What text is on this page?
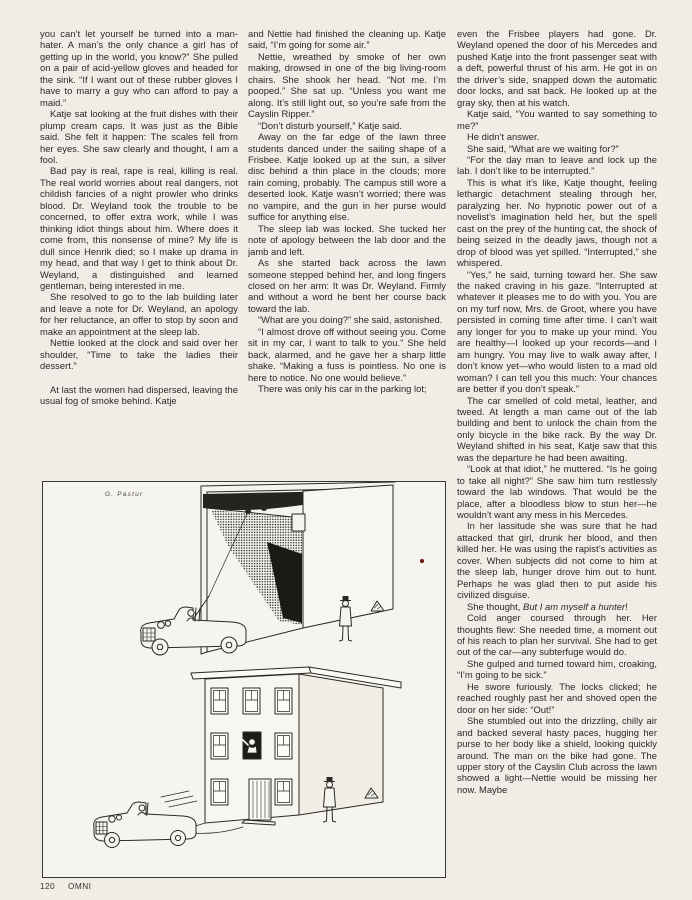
you can’t let yourself be turned into a man-hater. A man’s the only chance a girl has of getting up in the world, you know?” She pulled on a pair of acid-yellow gloves and headed for the sink. “If I want out of these rubber gloves I have to marry a guy who can afford to pay a maid.”

Katje sat looking at the fruit dishes with their plump cream caps. It was just as the Bible said. She felt it happen: The scales fell from her eyes. She saw clearly and thought, I am a fool.

Bad pay is real, rape is real, killing is real. The real world worries about real dangers, not childish fancies of a night prowler who drinks blood. Dr. Weyland took the trouble to be concerned, to offer extra work, while I was thinking idiot things about him. Where does it come from, this nonsense of mine? My life is dull since Henrik died; so I make up drama in my head, and that way I get to think about Dr. Weyland, a distinguished and learned gentleman, being interested in me.

She resolved to go to the lab building later and leave a note for Dr. Weyland, an apology for her reluctance, an offer to stop by soon and make an appointment at the sleep lab.

Nettie looked at the clock and said over her shoulder, “Time to take the ladies their dessert.”

At last the women had dispersed, leaving the usual fog of smoke behind. Katje

and Nettie had finished the cleaning up. Katje said, “I’m going for some air.”

Nettie, wreathed by smoke of her own making, drowsed in one of the big living-room chairs. She shook her head. “Not me. I’m pooped.” She sat up. “Unless you want me along. It’s still light out, so you’re safe from the Cayslin Ripper.”

“Don’t disturb yourself,” Katje said.

Away on the far edge of the lawn three students danced under the sailing shape of a Frisbee. Katje looked up at the sun, a silver disc behind a thin place in the clouds; more rain coming, probably. The campus still wore a deserted look. Katje wasn’t worried; there was no vampire, and the gun in her purse would suffice for anything else.

The sleep lab was locked. She tucked her note of apology between the lab door and the jamb and left.

As she started back across the lawn someone stepped behind her, and long fingers closed on her arm: It was Dr. Weyland. Firmly and without a word he bent her course back toward the lab.

“What are you doing?” she said, astonished.

“I almost drove off without seeing you. Come sit in my car, I want to talk to you.” She held back, alarmed, and he gave her a sharp little shake. “Making a fuss is pointless. No one is here to notice. No one would believe.”

There was only his car in the parking lot;

even the Frisbee players had gone. Dr. Weyland opened the door of his Mercedes and pushed Katje into the front passenger seat with a deft, powerful thrust of his arm. He got in on the driver’s side, snapped down the automatic door locks, and sat back. He looked up at the gray sky, then at his watch.

Katje said, “You wanted to say something to me?”

He didn’t answer.

She said, “What are we waiting for?”

“For the day man to leave and lock up the lab. I don’t like to be interrupted.”

This is what it’s like, Katje thought, feeling lethargic detachment stealing through her, paralyzing her. No hypnotic power out of a novelist’s imagination held her, but the spell cast on the prey of the hunting cat, the shock of being seized in the deadly jaws, though not a drop of blood was yet spilled. “Interrupted,” she whispered.

“Yes,” he said, turning toward her. She saw the naked craving in his gaze. “Interrupted at whatever it pleases me to do with you. You are on my turf now, Mrs. de Groot, where you have persisted in coming time after time. I can’t wait any longer for you to make up your mind. You are healthy—I looked up your records—and I am hungry. You may live to walk away after, I don’t know yet—who would listen to a mad old woman? I can tell you this much: Your chances are better if you don’t speak.”

The car smelled of cold metal, leather, and tweed. At length a man came out of the lab building and bent to unlock the chain from the only bicycle in the bike rack. By the way Dr. Weyland shifted in his seat, Katje saw that this was the departure he had been awaiting.

“Look at that idiot,” he muttered. “Is he going to take all night?” She saw him turn restlessly toward the lab windows. That would be the place, after a bloodless blow to stun her—he wouldn’t want any mess in his Mercedes.

In her lassitude she was sure that he had attacked that girl, drunk her blood, and then killed her. He was using the rapist’s activities as cover. When subjects did not come to him at the sleep lab, hunger drove him out to hunt. Perhaps he was glad then to put aside his civilized disguise.

She thought, But I am myself a hunter!

Cold anger coursed through her. Her thoughts flew: She needed time, a moment out of his reach to plan her survival. She had to get out of the car—any subterfuge would do.

She gulped and turned toward him, croaking, “I’m going to be sick.”

He swore furiously. The locks clicked; he reached roughly past her and shoved open the door on her side: “Out!”

She stumbled out into the drizzling, chilly air and backed several hasty paces, hugging her purse to her body like a shield, looking quickly around. The man on the bike had gone. The upper story of the Cayslin Club across the lawn showed a light—Nettie would be missing her now. Maybe

G. Pastur
120 OMNI
